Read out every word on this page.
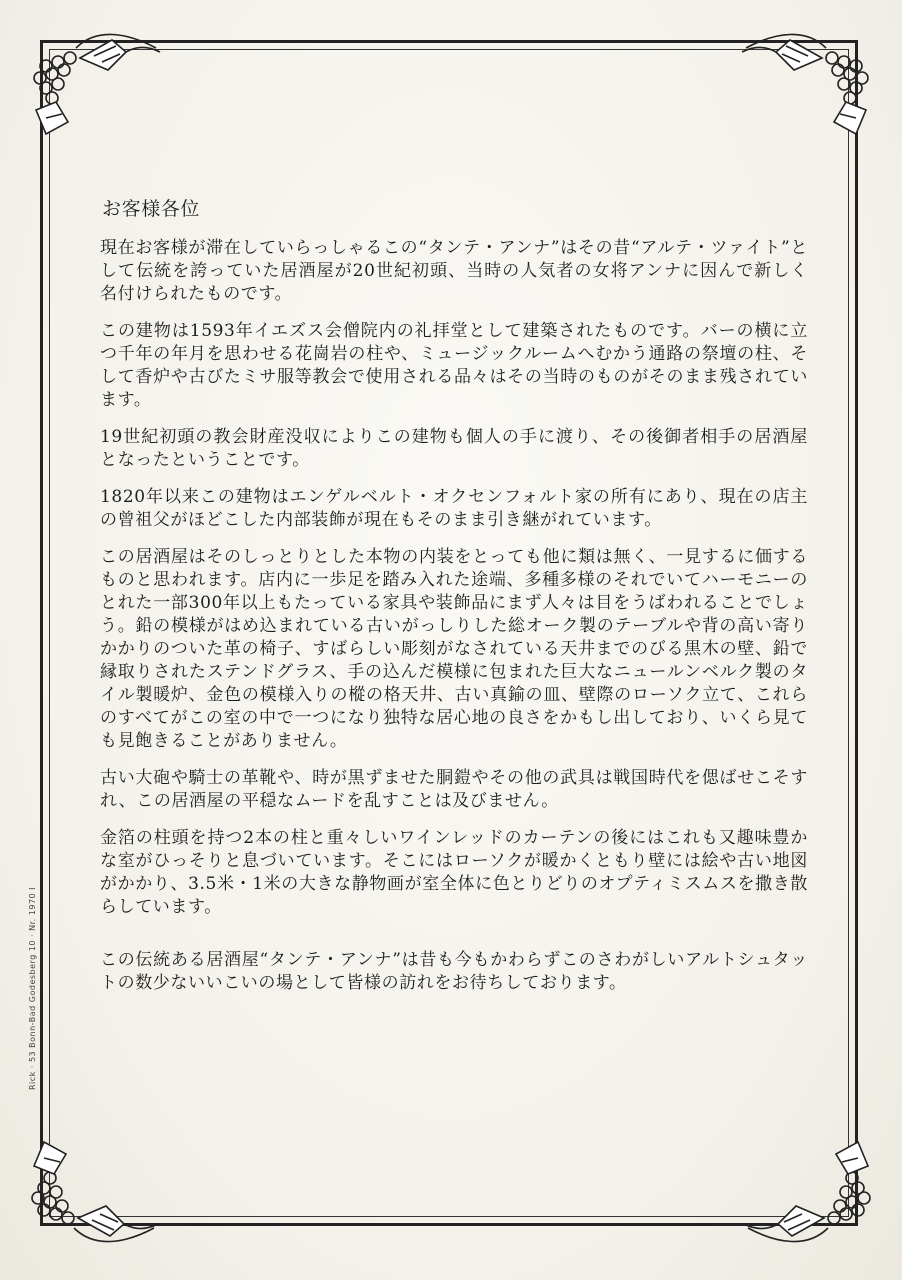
Rick · 53 Bonn-Bad Godesberg 10 · Nr. 1970 I
お客様各位

現在お客様が滞在していらっしゃるこの“タンテ・アンナ”はその昔“アルテ・ツァイト”として伝統を誇っていた居酒屋が20世紀初頭、当時の人気者の女将アンナに因んで新しく名付けられたものです。

この建物は1593年イエズス会僧院内の礼拝堂として建築されたものです。バーの横に立つ千年の年月を思わせる花崗岩の柱や、ミュージックルームへむかう通路の祭壇の柱、そして香炉や古びたミサ服等教会で使用される品々はその当時のものがそのまま残されています。

19世紀初頭の教会財産没収によりこの建物も個人の手に渡り、その後御者相手の居酒屋となったということです。

1820年以来この建物はエンゲルベルト・オクセンフォルト家の所有にあり、現在の店主の曾祖父がほどこした内部装飾が現在もそのまま引き継がれています。

この居酒屋はそのしっとりとした本物の内装をとっても他に類は無く、一見するに価するものと思われます。店内に一歩足を踏み入れた途端、多種多様のそれでいてハーモニーのとれた一部300年以上もたっている家具や装飾品にまず人々は目をうばわれることでしょう。鉛の模様がはめ込まれている古いがっしりした総オーク製のテーブルや背の高い寄りかかりのついた革の椅子、すばらしい彫刻がなされている天井までのびる黒木の壁、鉛で縁取りされたステンドグラス、手の込んだ模様に包まれた巨大なニュールンベルク製のタイル製暖炉、金色の模様入りの樅の格天井、古い真鍮の皿、壁際のローソク立て、これらのすべてがこの室の中で一つになり独特な居心地の良さをかもし出しており、いくら見ても見飽きることがありません。

古い大砲や騎士の革靴や、時が黒ずませた胴鎧やその他の武具は戦国時代を偲ばせこそすれ、この居酒屋の平穏なムードを乱すことは及びません。

金箔の柱頭を持つ2本の柱と重々しいワインレッドのカーテンの後にはこれも又趣味豊かな室がひっそりと息づいています。そこにはローソクが暖かくともり壁には絵や古い地図がかかり、3.5米・1米の大きな静物画が室全体に色とりどりのオプティミスムスを撒き散らしています。

この伝統ある居酒屋“タンテ・アンナ”は昔も今もかわらずこのさわがしいアルトシュタットの数少ないいこいの場として皆様の訪れをお待ちしております。
